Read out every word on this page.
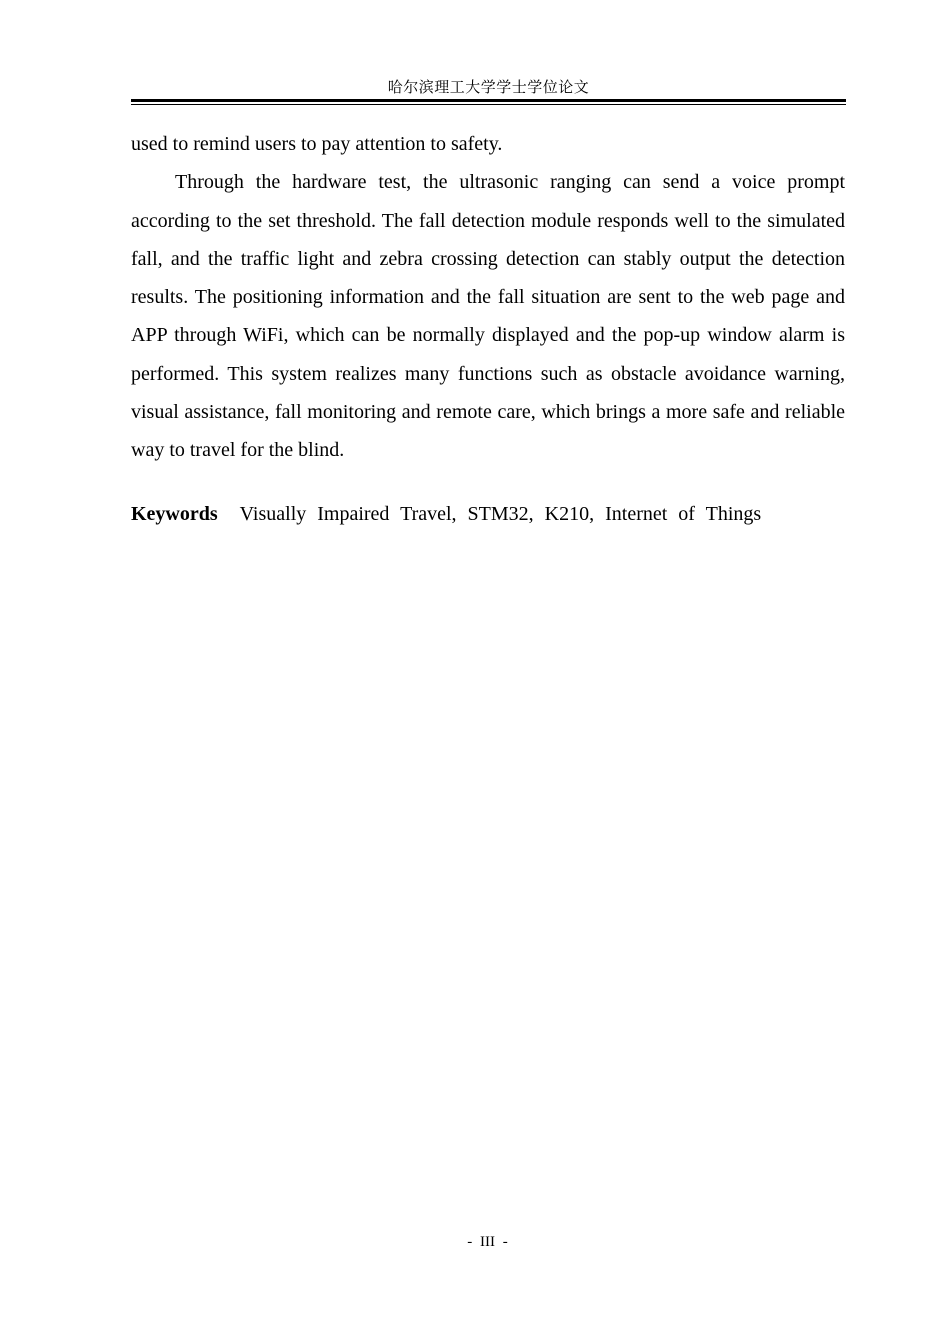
哈尔滨理工大学学士学位论文

used to remind users to pay attention to safety.

Through the hardware test, the ultrasonic ranging can send a voice prompt according to the set threshold. The fall detection module responds well to the simulated fall, and the traffic light and zebra crossing detection can stably output the detection results. The positioning information and the fall situation are sent to the web page and APP through WiFi, which can be normally displayed and the pop-up window alarm is performed. This system realizes many functions such as obstacle avoidance warning, visual assistance, fall monitoring and remote care, which brings a more safe and reliable way to travel for the blind.

Keywords Visually Impaired Travel, STM32, K210, Internet of Things
- III -
